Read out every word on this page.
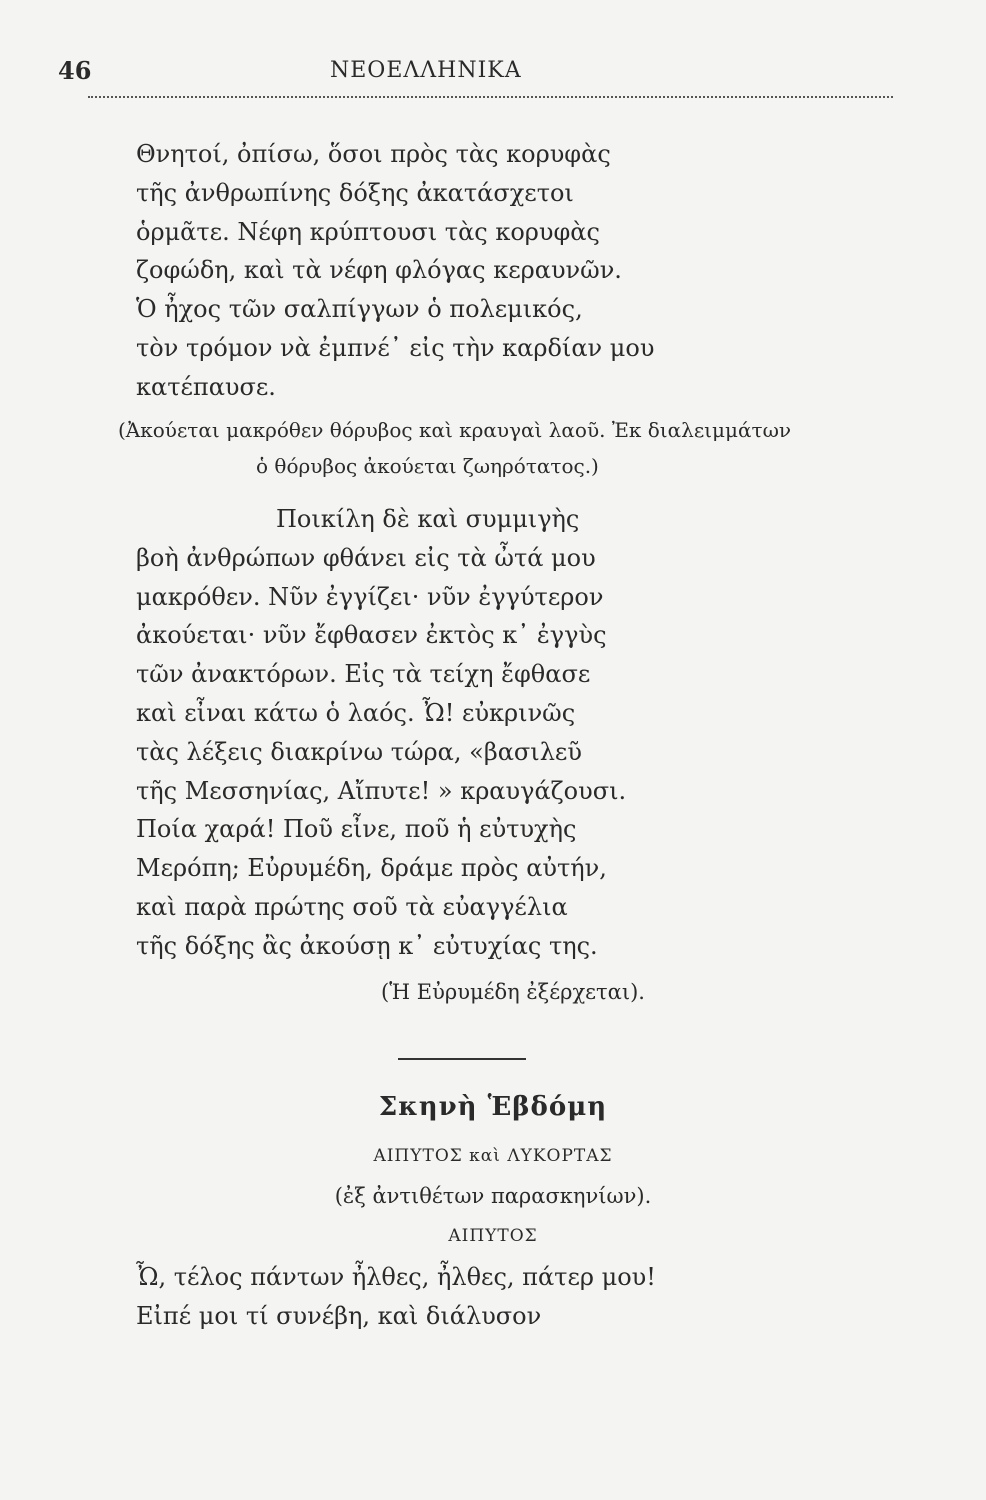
46	ΝΕΟΕΛΛΗΝΙΚΑ
Θνητοί, ὀπίσω, ὅσοι πρὸς τὰς κορυφὰς
τῆς ἀνθρωπίνης δόξης ἀκατάσχετοι
ὁρμᾶτε. Νέφη κρύπτουσι τὰς κορυφὰς
ζοφώδη, καὶ τὰ νέφη φλόγας κεραυνῶν.
Ὁ ἦχος τῶν σαλπίγγων ὁ πολεμικός,
τὸν τρόμον νὰ ἐμπνέ᾽ εἰς τὴν καρδίαν μου
κατέπαυσε.
(Ἀκούεται μακρόθεν θόρυβος καὶ κραυγαὶ λαοῦ. Ἐκ διαλειμμάτων
ὁ θόρυβος ἀκούεται ζωηρότατος.)
Ποικίλη δὲ καὶ συμμιγὴς
βοὴ ἀνθρώπων φθάνει εἰς τὰ ὦτά μου
μακρόθεν. Νῦν ἐγγίζει· νῦν ἐγγύτερον
ἀκούεται· νῦν ἔφθασεν ἐκτὸς κ᾽ ἐγγὺς
τῶν ἀνακτόρων. Εἰς τὰ τείχη ἔφθασε
καὶ εἶναι κάτω ὁ λαός. Ὦ! εὐκρινῶς
τὰς λέξεις διακρίνω τώρα, «βασιλεῦ
τῆς Μεσσηνίας, Αἴπυτε! » κραυγάζουσι.
Ποία χαρά! Ποῦ εἶνε, ποῦ ἡ εὐτυχὴς
Μερόπη; Εὐρυμέδη, δράμε πρὸς αὐτήν,
καὶ παρὰ πρώτης σοῦ τὰ εὐαγγέλια
τῆς δόξης ἂς ἀκούσῃ κ᾽ εὐτυχίας της.
(Ἡ Εὐρυμέδη ἐξέρχεται).
Σκηνὴ Ἑβδόμη
ΑΙΠΥΤΟΣ καὶ ΛΥΚΟΡΤΑΣ
(ἐξ ἀντιθέτων παρασκηνίων).
ΑΙΠΥΤΟΣ
Ὦ, τέλος πάντων ἦλθες, ἦλθες, πάτερ μου!
Εἰπέ μοι τί συνέβη, καὶ διάλυσον
